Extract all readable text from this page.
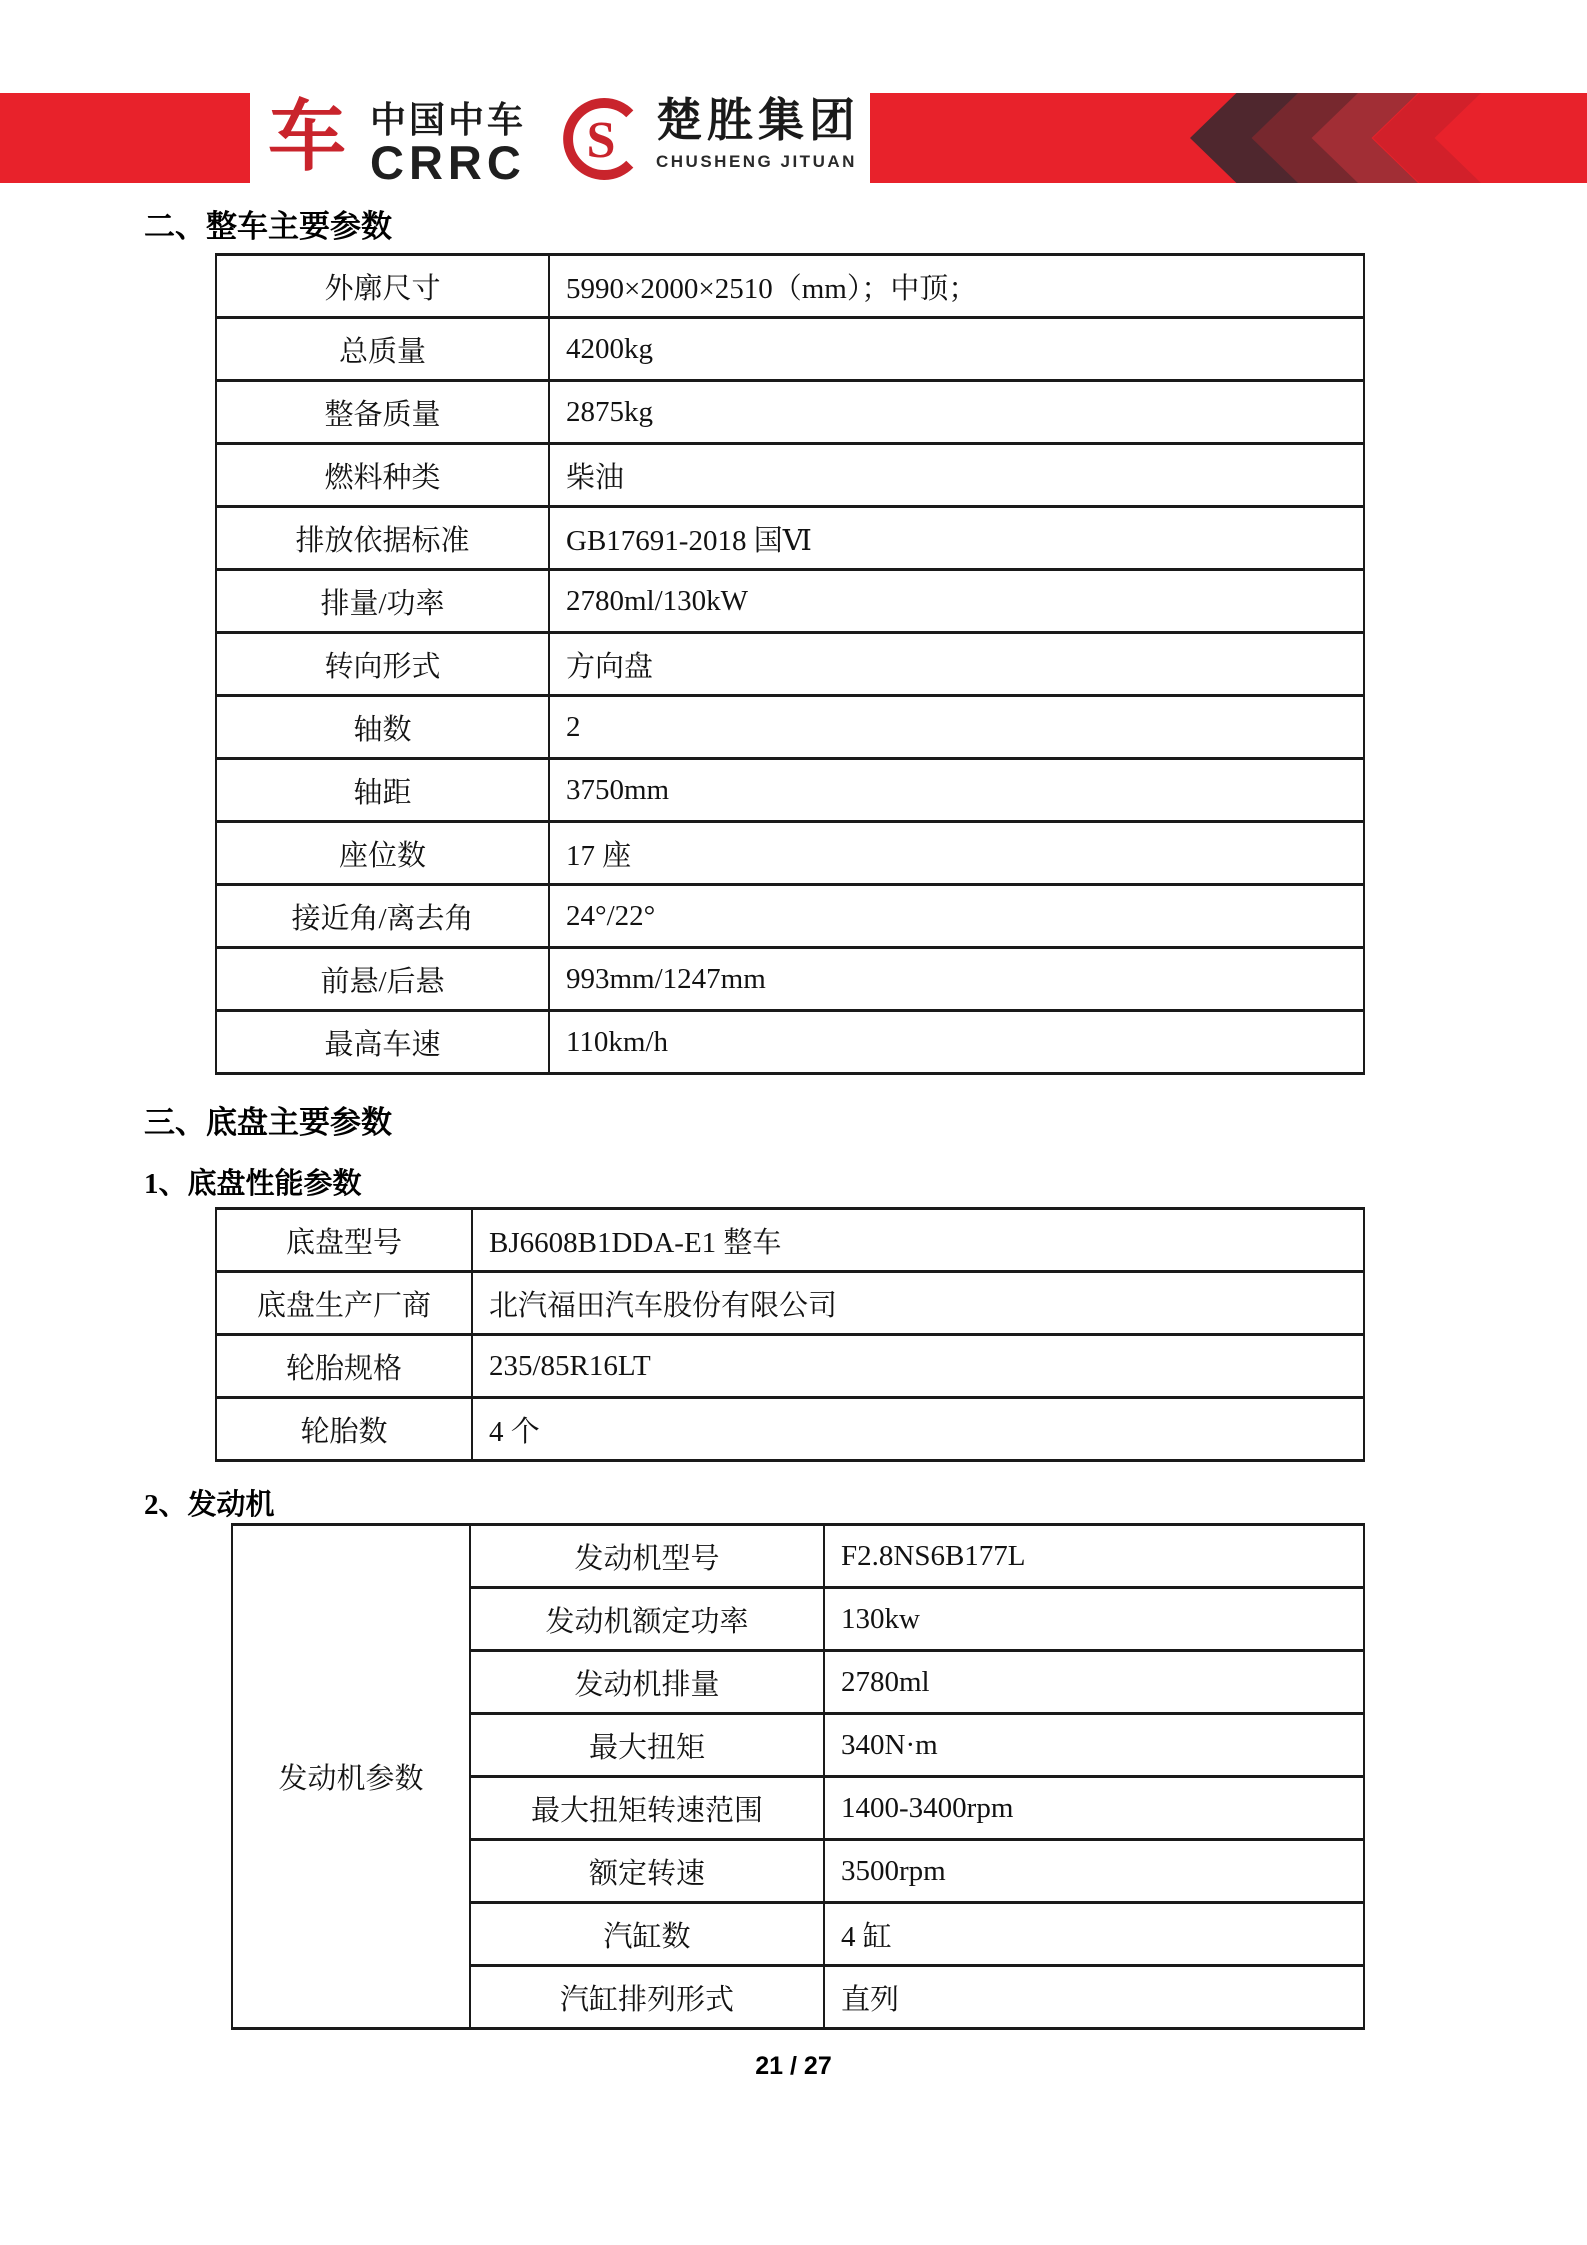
车 中国中车
CRRC S 楚胜集团
CHUSHENG JITUAN
二、整车主要参数
外廓尺寸	5990×2000×2510（mm）；中顶；
总质量	4200kg
整备质量	2875kg
燃料种类	柴油
排放依据标准	GB17691-2018 国Ⅵ
排量/功率	2780ml/130kW
转向形式	方向盘
轴数	2
轴距	3750mm
座位数	17 座
接近角/离去角	24°/22°
前悬/后悬	993mm/1247mm
最高车速	110km/h
三、底盘主要参数
1、底盘性能参数
底盘型号	BJ6608B1DDA-E1 整车
底盘生产厂商	北汽福田汽车股份有限公司
轮胎规格	235/85R16LT
轮胎数	4 个
2、发动机
发动机参数	发动机型号	F2.8NS6B177L
	发动机额定功率	130kw
	发动机排量	2780ml
	最大扭矩	340N·m
	最大扭矩转速范围	1400-3400rpm
	额定转速	3500rpm
	汽缸数	4 缸
	汽缸排列形式	直列
21 / 27
